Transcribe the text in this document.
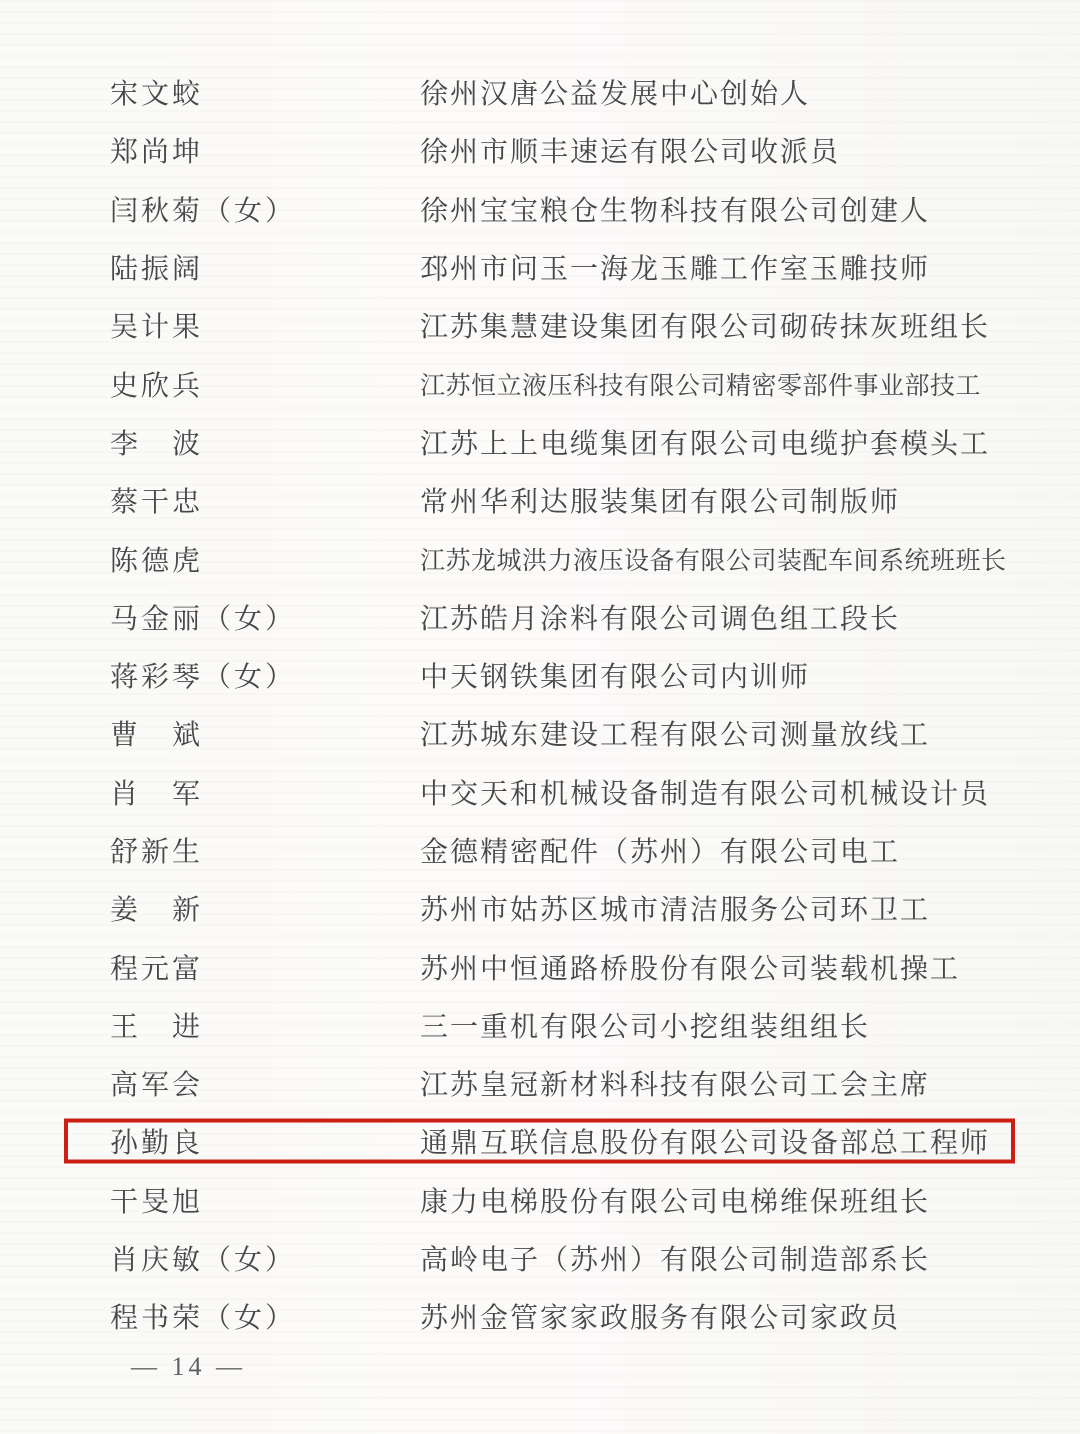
宋文蛟	徐州汉唐公益发展中心创始人
郑尚坤	徐州市顺丰速运有限公司收派员
闫秋菊（女）	徐州宝宝粮仓生物科技有限公司创建人
陆振阔	邳州市问玉一海龙玉雕工作室玉雕技师
吴计果	江苏集慧建设集团有限公司砌砖抹灰班组长
史欣兵	江苏恒立液压科技有限公司精密零部件事业部技工
李　波	江苏上上电缆集团有限公司电缆护套模头工
蔡干忠	常州华利达服装集团有限公司制版师
陈德虎	江苏龙城洪力液压设备有限公司装配车间系统班班长
马金丽（女）	江苏皓月涂料有限公司调色组工段长
蒋彩琴（女）	中天钢铁集团有限公司内训师
曹　斌	江苏城东建设工程有限公司测量放线工
肖　军	中交天和机械设备制造有限公司机械设计员
舒新生	金德精密配件（苏州）有限公司电工
姜　新	苏州市姑苏区城市清洁服务公司环卫工
程元富	苏州中恒通路桥股份有限公司装载机操工
王　进	三一重机有限公司小挖组装组组长
高军会	江苏皇冠新材料科技有限公司工会主席
孙勤良	通鼎互联信息股份有限公司设备部总工程师
干旻旭	康力电梯股份有限公司电梯维保班组长
肖庆敏（女）	高岭电子（苏州）有限公司制造部系长
程书荣（女）	苏州金管家家政服务有限公司家政员
— 14 —
